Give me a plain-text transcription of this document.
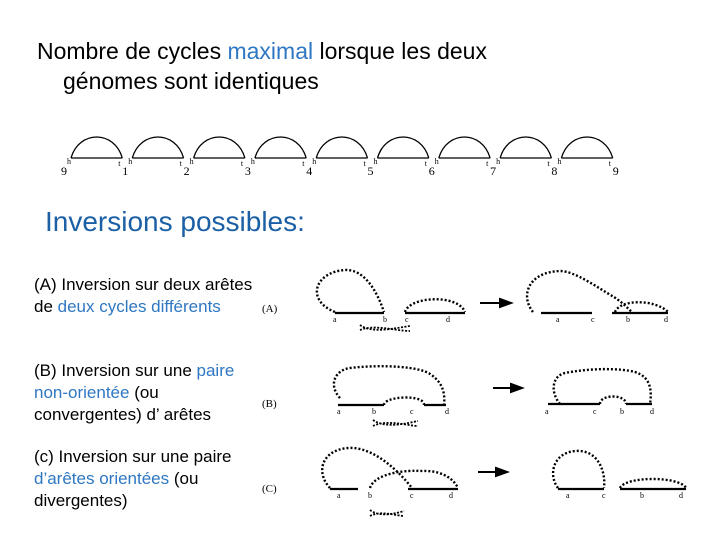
Nombre de cycles maximal lorsque les deux
génomes sont identiques
Inversions possibles:
(A) Inversion sur deux arêtes de deux cycles différents
(B) Inversion sur une paire non-orientée (ou convergentes) d’ arêtes
(c) Inversion sur une paire d’arêtes orientées (ou divergentes)
9
h
1
h
t
2
h
t
3
h
t
4
h
t
5
h
t
6
h
t
7
h
t
8
h
t
9
t
(A)
a	b c	d	a	c	b	d
(B)
a	b	c	d	a	c	b	d
(C)
a	b	c	d	a	c	b	d
